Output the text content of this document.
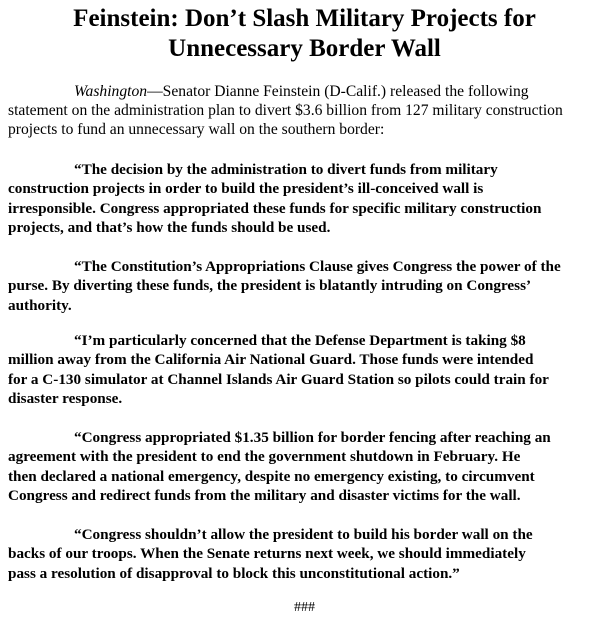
Feinstein: Don’t Slash Military Projects for
Unnecessary Border Wall

Washington—Senator Dianne Feinstein (D-Calif.) released the following
statement on the administration plan to divert $3.6 billion from 127 military construction
projects to fund an unnecessary wall on the southern border:

“The decision by the administration to divert funds from military
construction projects in order to build the president’s ill-conceived wall is
irresponsible. Congress appropriated these funds for specific military construction
projects, and that’s how the funds should be used.

“The Constitution’s Appropriations Clause gives Congress the power of the
purse. By diverting these funds, the president is blatantly intruding on Congress’
authority.

“I’m particularly concerned that the Defense Department is taking $8
million away from the California Air National Guard. Those funds were intended
for a C-130 simulator at Channel Islands Air Guard Station so pilots could train for
disaster response.

“Congress appropriated $1.35 billion for border fencing after reaching an
agreement with the president to end the government shutdown in February. He
then declared a national emergency, despite no emergency existing, to circumvent
Congress and redirect funds from the military and disaster victims for the wall.

“Congress shouldn’t allow the president to build his border wall on the
backs of our troops. When the Senate returns next week, we should immediately
pass a resolution of disapproval to block this unconstitutional action.”

###
